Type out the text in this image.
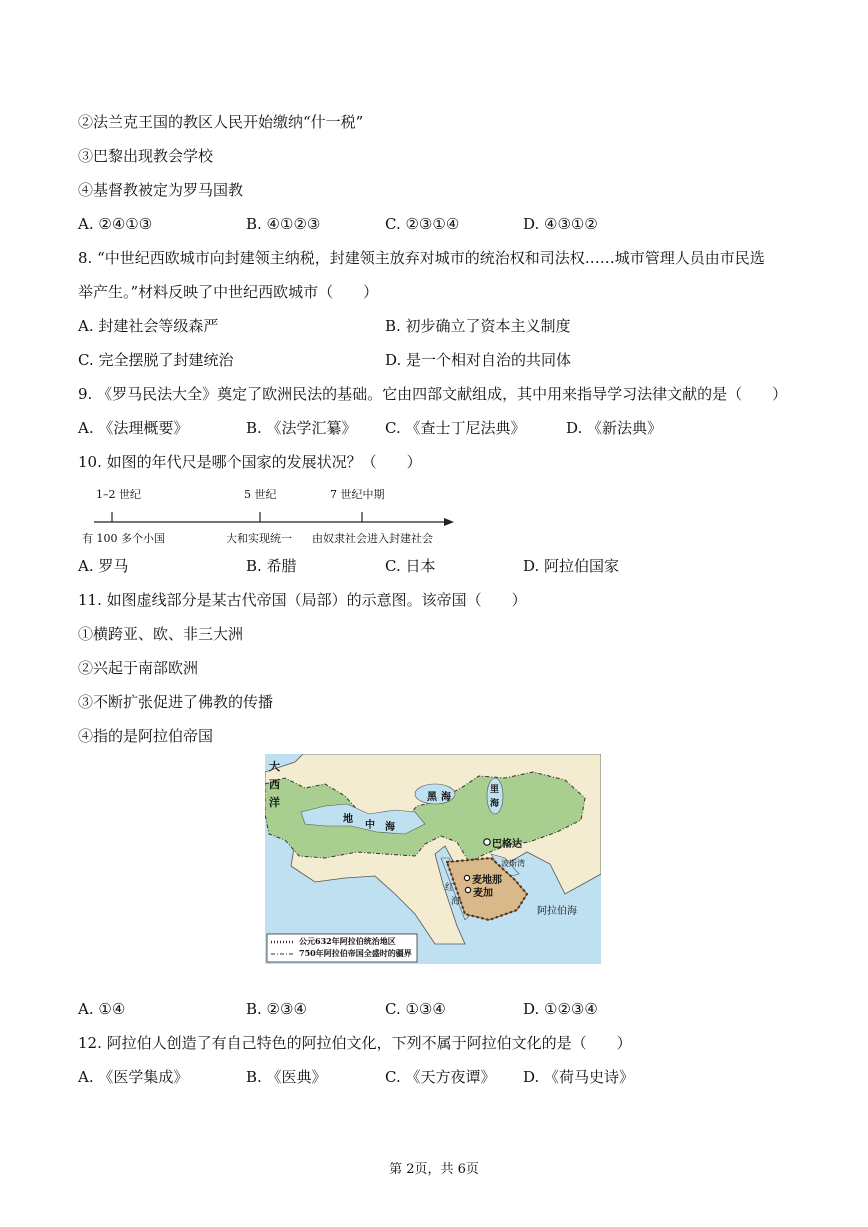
②法兰克王国的教区人民开始缴纳“什一税”
③巴黎出现教会学校
④基督教被定为罗马国教
A. ②④①③	B. ④①②③	C. ②③①④	D. ④③①②
8. “中世纪西欧城市向封建领主纳税，封建领主放弃对城市的统治权和司法权……城市管理人员由市民选
举产生。”材料反映了中世纪西欧城市（　　）
A. 封建社会等级森严	B. 初步确立了资本主义制度
C. 完全摆脱了封建统治	D. 是一个相对自治的共同体
9. 《罗马民法大全》奠定了欧洲民法的基础。它由四部文献组成，其中用来指导学习法律文献的是（　　）
A. 《法理概要》	B. 《法学汇纂》 C. 《查士丁尼法典》	D. 《新法典》
10. 如图的年代尺是哪个国家的发展状况？（　　）
1–2 世纪	5 世纪	7 世纪中期
有 100 多个小国	大和实现统一 由奴隶社会进入封建社会
A. 罗马	B. 希腊	C. 日本	D. 阿拉伯国家
11. 如图虚线部分是某古代帝国（局部）的示意图。该帝国（　　）
①横跨亚、欧、非三大洲
②兴起于南部欧洲
③不断扩张促进了佛教的传播
④指的是阿拉伯帝国
大
西
洋
地
中 海
黑 海
里
海
巴格达
麦地那
麦加
阿拉伯海
红
海
波斯湾
公元632年阿拉伯统治地区
750年阿拉伯帝国全盛时的疆界
A. ①④	B. ②③④	C. ①③④	D. ①②③④
12. 阿拉伯人创造了有自己特色的阿拉伯文化，下列不属于阿拉伯文化的是（　　）
A. 《医学集成》	B. 《医典》	C. 《天方夜谭》 D. 《荷马史诗》
第 2页，共 6页
